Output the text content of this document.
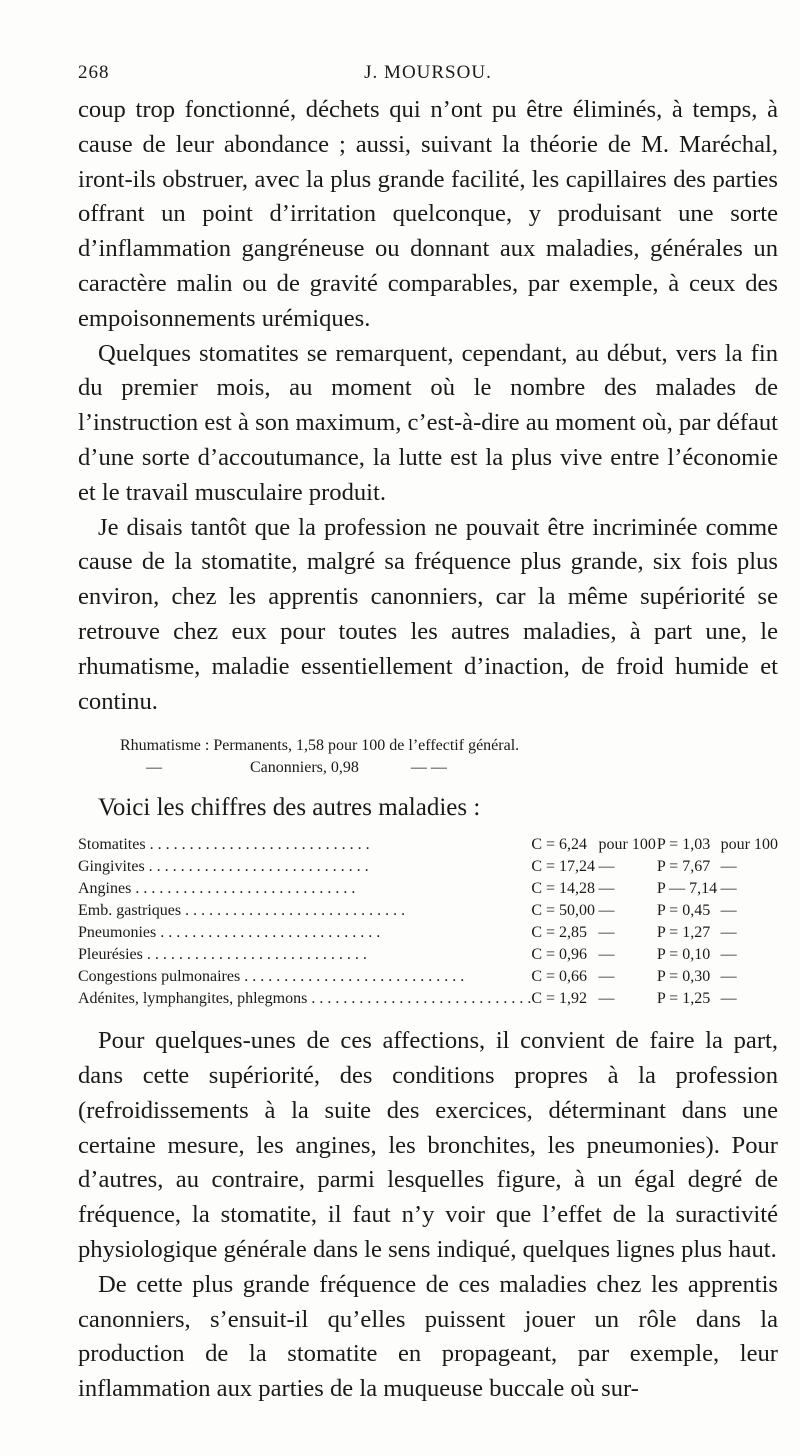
268	J. MOURSOU.

coup trop fonctionné, déchets qui n’ont pu être éliminés, à temps, à cause de leur abondance ; aussi, suivant la théorie de M. Maréchal, iront-ils obstruer, avec la plus grande facilité, les capillaires des parties offrant un point d’irritation quelconque, y produisant une sorte d’inflammation gangréneuse ou donnant aux maladies, générales un caractère malin ou de gravité comparables, par exemple, à ceux des empoisonnements urémiques.

Quelques stomatites se remarquent, cependant, au début, vers la fin du premier mois, au moment où le nombre des malades de l’instruction est à son maximum, c’est-à-dire au moment où, par défaut d’une sorte d’accoutumance, la lutte est la plus vive entre l’économie et le travail musculaire produit.

Je disais tantôt que la profession ne pouvait être incriminée comme cause de la stomatite, malgré sa fréquence plus grande, six fois plus environ, chez les apprentis canonniers, car la même supériorité se retrouve chez eux pour toutes les autres maladies, à part une, le rhumatisme, maladie essentiellement d’inaction, de froid humide et continu.

Rhumatisme : Permanents, 1,58 pour 100 de l’effectif général.
—	Canonniers, 0,98	— —

Voici les chiffres des autres maladies :

Stomatites . . . . . . . . . . . . . . . . . . . . . . . . . . . .	C = 6,24	pour 100	P = 1,03	pour 100
Gingivites . . . . . . . . . . . . . . . . . . . . . . . . . . . .	C = 17,24	—	P = 7,67	—
Angines . . . . . . . . . . . . . . . . . . . . . . . . . . . .	C = 14,28	—	P — 7,14	—
Emb. gastriques . . . . . . . . . . . . . . . . . . . . . . . . . . . .	C = 50,00	—	P = 0,45	—
Pneumonies . . . . . . . . . . . . . . . . . . . . . . . . . . . .	C = 2,85	—	P = 1,27	—
Pleurésies . . . . . . . . . . . . . . . . . . . . . . . . . . . .	C = 0,96	—	P = 0,10	—
Congestions pulmonaires . . . . . . . . . . . . . . . . . . . . . . . . . . . .	C = 0,66	—	P = 0,30	—
Adénites, lymphangites, phlegmons . . . . . . . . . . . . . . . . . . . . . . . . . . . .	C = 1,92	—	P = 1,25	—

Pour quelques-unes de ces affections, il convient de faire la part, dans cette supériorité, des conditions propres à la profession (refroidissements à la suite des exercices, déterminant dans une certaine mesure, les angines, les bronchites, les pneumonies). Pour d’autres, au contraire, parmi lesquelles figure, à un égal degré de fréquence, la stomatite, il faut n’y voir que l’effet de la suractivité physiologique générale dans le sens indiqué, quelques lignes plus haut.

De cette plus grande fréquence de ces maladies chez les apprentis canonniers, s’ensuit-il qu’elles puissent jouer un rôle dans la production de la stomatite en propageant, par exemple, leur inflammation aux parties de la muqueuse buccale où sur-
